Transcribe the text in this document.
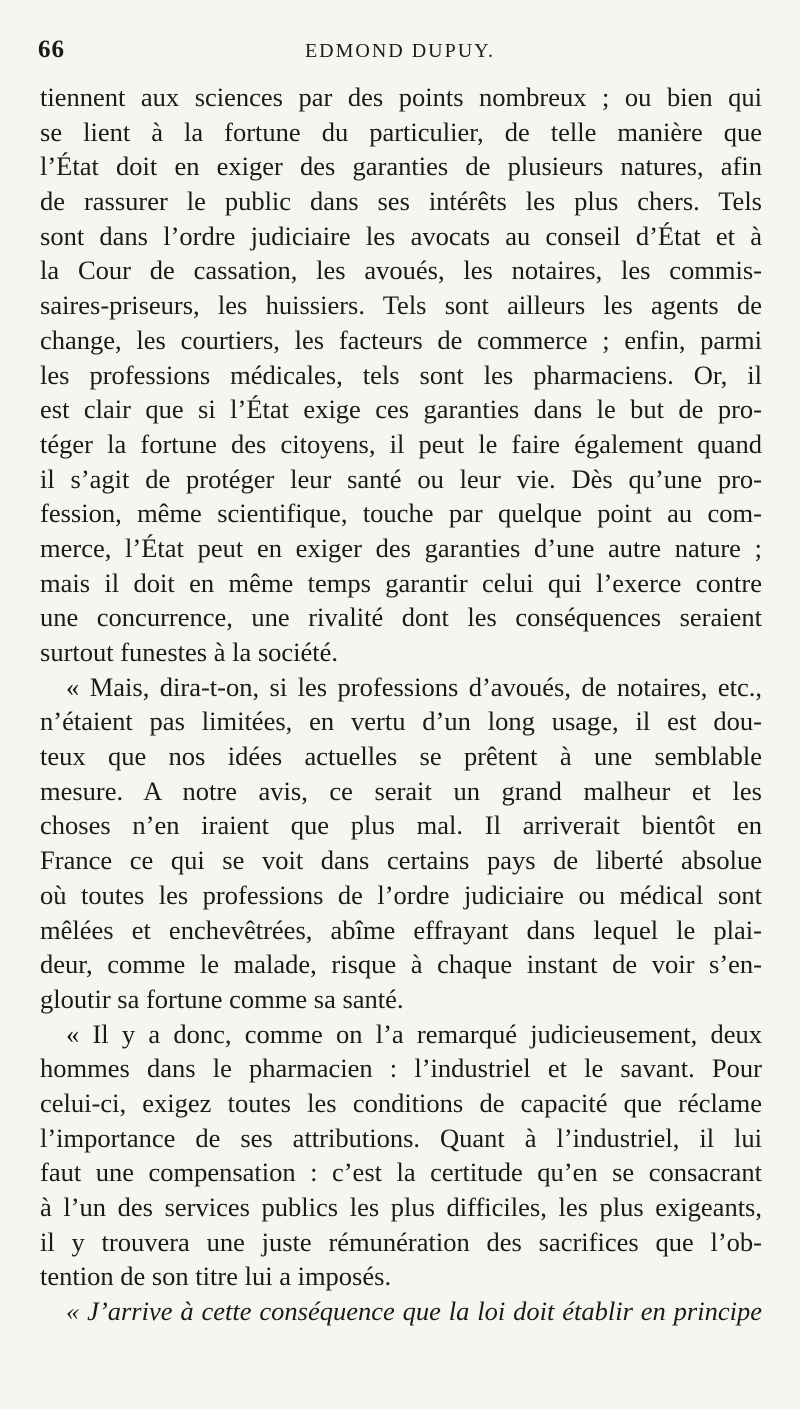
66	EDMOND DUPUY.
tiennent aux sciences par des points nombreux ; ou bien qui
se lient à la fortune du particulier, de telle manière que
l’État doit en exiger des garanties de plusieurs natures, afin
de rassurer le public dans ses intérêts les plus chers. Tels
sont dans l’ordre judiciaire les avocats au conseil d’État et à
la Cour de cassation, les avoués, les notaires, les commis-
saires-priseurs, les huissiers. Tels sont ailleurs les agents de
change, les courtiers, les facteurs de commerce ; enfin, parmi
les professions médicales, tels sont les pharmaciens. Or, il
est clair que si l’État exige ces garanties dans le but de pro-
téger la fortune des citoyens, il peut le faire également quand
il s’agit de protéger leur santé ou leur vie. Dès qu’une pro-
fession, même scientifique, touche par quelque point au com-
merce, l’État peut en exiger des garanties d’une autre nature ;
mais il doit en même temps garantir celui qui l’exerce contre
une concurrence, une rivalité dont les conséquences seraient
surtout funestes à la société.
« Mais, dira-t-on, si les professions d’avoués, de notaires, etc.,
n’étaient pas limitées, en vertu d’un long usage, il est dou-
teux que nos idées actuelles se prêtent à une semblable
mesure. A notre avis, ce serait un grand malheur et les
choses n’en iraient que plus mal. Il arriverait bientôt en
France ce qui se voit dans certains pays de liberté absolue
où toutes les professions de l’ordre judiciaire ou médical sont
mêlées et enchevêtrées, abîme effrayant dans lequel le plai-
deur, comme le malade, risque à chaque instant de voir s’en-
gloutir sa fortune comme sa santé.
« Il y a donc, comme on l’a remarqué judicieusement, deux
hommes dans le pharmacien : l’industriel et le savant. Pour
celui-ci, exigez toutes les conditions de capacité que réclame
l’importance de ses attributions. Quant à l’industriel, il lui
faut une compensation : c’est la certitude qu’en se consacrant
à l’un des services publics les plus difficiles, les plus exigeants,
il y trouvera une juste rémunération des sacrifices que l’ob-
tention de son titre lui a imposés.
« J’arrive à cette conséquence que la loi doit établir en principe
